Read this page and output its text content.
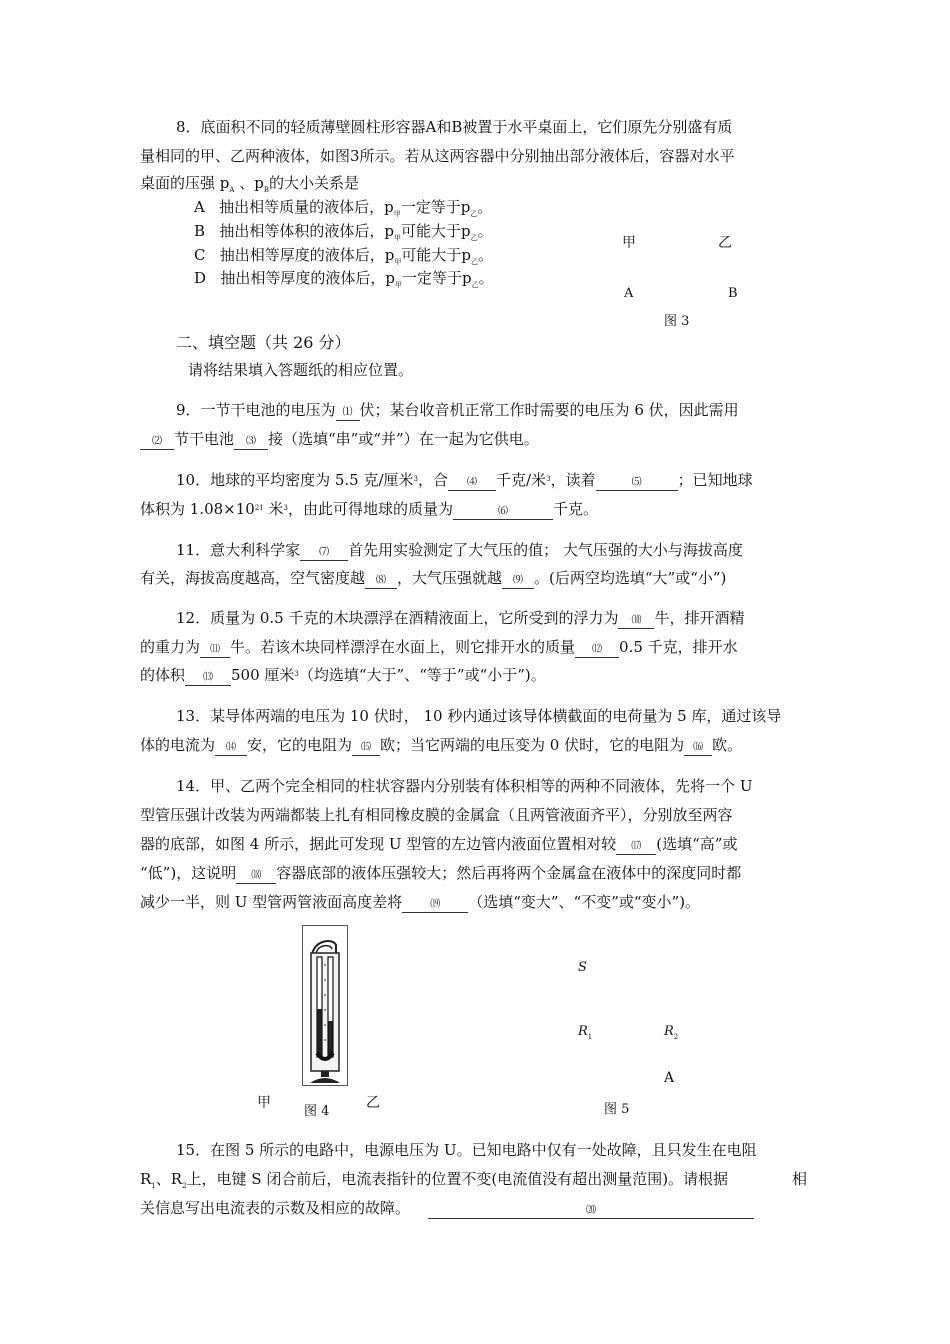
8．底面积不同的轻质薄壁圆柱形容器A和B被置于水平桌面上，它们原先分别盛有质
量相同的甲、乙两种液体，如图3所示。若从这两容器中分别抽出部分液体后，容器对水平
桌面的压强 $p_A$ 、$p_B$的大小关系是
A 抽出相等质量的液体后，$p_甲$一定等于$p_乙$。
B 抽出相等体积的液体后，$p_甲$可能大于$p_乙$。
C 抽出相等厚度的液体后，$p_甲$可能大于$p_乙$。
D 抽出相等厚度的液体后，$p_甲$一定等于$p_乙$。
甲	乙
A	B
图 3
二、填空题（共 26 分）
请将结果填入答题纸的相应位置。
9．一节干电池的电压为 ⑴ 伏；某台收音机正常工作时需要的电压为 6 伏，因此需用
⑵ 节干电池 ⑶ 接（选填“串”或“并”）在一起为它供电。
10．地球的平均密度为 5.5 克/厘米$^3$，合 ⑷ 千克/米$^3$，读着	⑸ ；已知地球
体积为 $1.08\times 10^{21}$ 米$^3$，由此可得地球的质量为	⑹	千克。
11．意大利科学家 ⑺ 首先用实验测定了大气压的值； 大气压强的大小与海拔高度
有关，海拔高度越高，空气密度越 ⑻ ，大气压强就越 ⑼ 。(后两空均选填“大”或“小”)
12．质量为 0.5 千克的木块漂浮在酒精液面上，它所受到的浮力为 ⑽ 牛，排开酒精
的重力为 ⑾ 牛。若该木块同样漂浮在水面上，则它排开水的质量 ⑿ 0.5 千克，排开水
的体积 ⒀ 500 厘米$^3$（均选填“大于”、“等于”或“小于”)。
13．某导体两端的电压为 10 伏时， 10 秒内通过该导体横截面的电荷量为 5 库，通过该导
体的电流为 ⒁ 安，它的电阻为 ⒂ 欧；当它两端的电压变为 0 伏时，它的电阻为 ⒃ 欧。
14．甲、乙两个完全相同的柱状容器内分别装有体积相等的两种不同液体，先将一个 U
型管压强计改装为两端都装上扎有相同橡皮膜的金属盒（且两管液面齐平），分别放至两容
器的底部，如图 4 所示，据此可发现 U 型管的左边管内液面位置相对较 ⒄ (选填“高”或
“低”)，这说明 ⒅ 容器底部的液体压强较大；然后再将两个金属盒在液体中的深度同时都
减少一半，则 U 型管两管液面高度差将	⒆ （选填“变大”、“不变”或“变小”)。
甲
图 4
乙
S
$R_1$	$R_2$
A
图 5
15．在图 5 所示的电路中，电源电压为 U。已知电路中仅有一处故障，且只发生在电阻
$R_1$、$R_2$上，电键 S 闭合前后，电流表指针的位置不变(电流值没有超出测量范围)。请根据	相
关信息写出电流表的示数及相应的故障。	⒇
